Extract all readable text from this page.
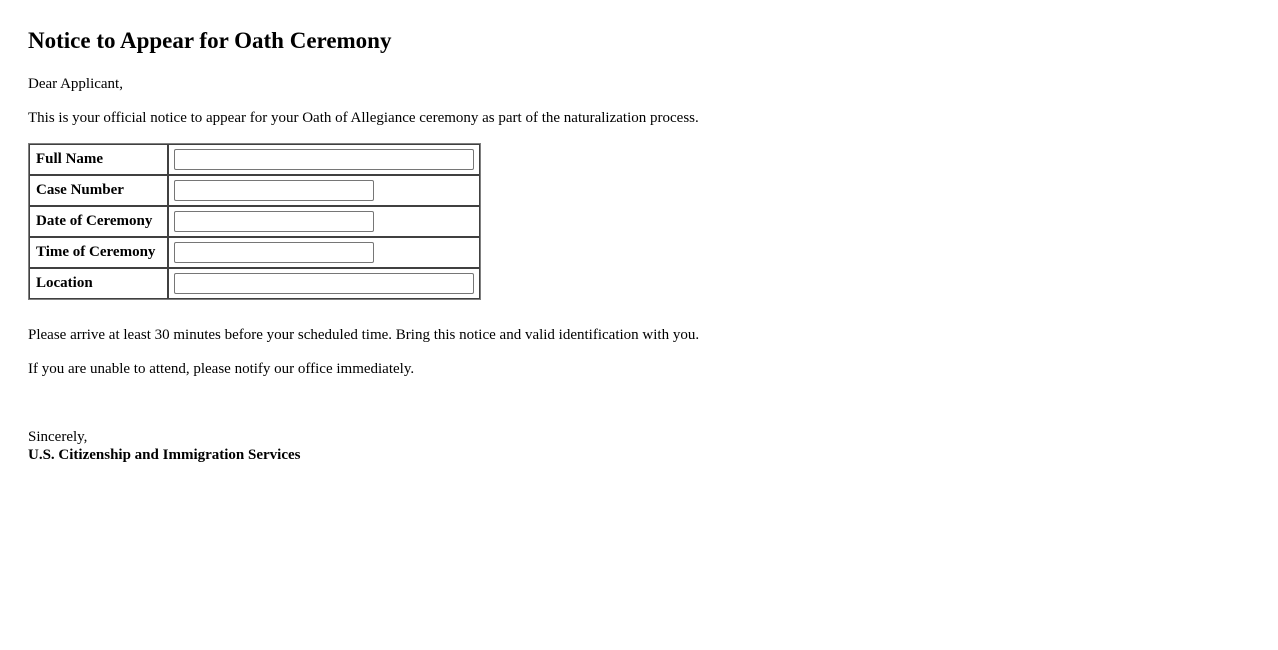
Notice to Appear for Oath Ceremony

Dear Applicant,

This is your official notice to appear for your Oath of Allegiance ceremony as part of the naturalization process.

Full Name	

Case Number	

Date of Ceremony	

Time of Ceremony	

Location	

Please arrive at least 30 minutes before your scheduled time. Bring this notice and valid identification with you.

If you are unable to attend, please notify our office immediately.

Sincerely,

U.S. Citizenship and Immigration Services
